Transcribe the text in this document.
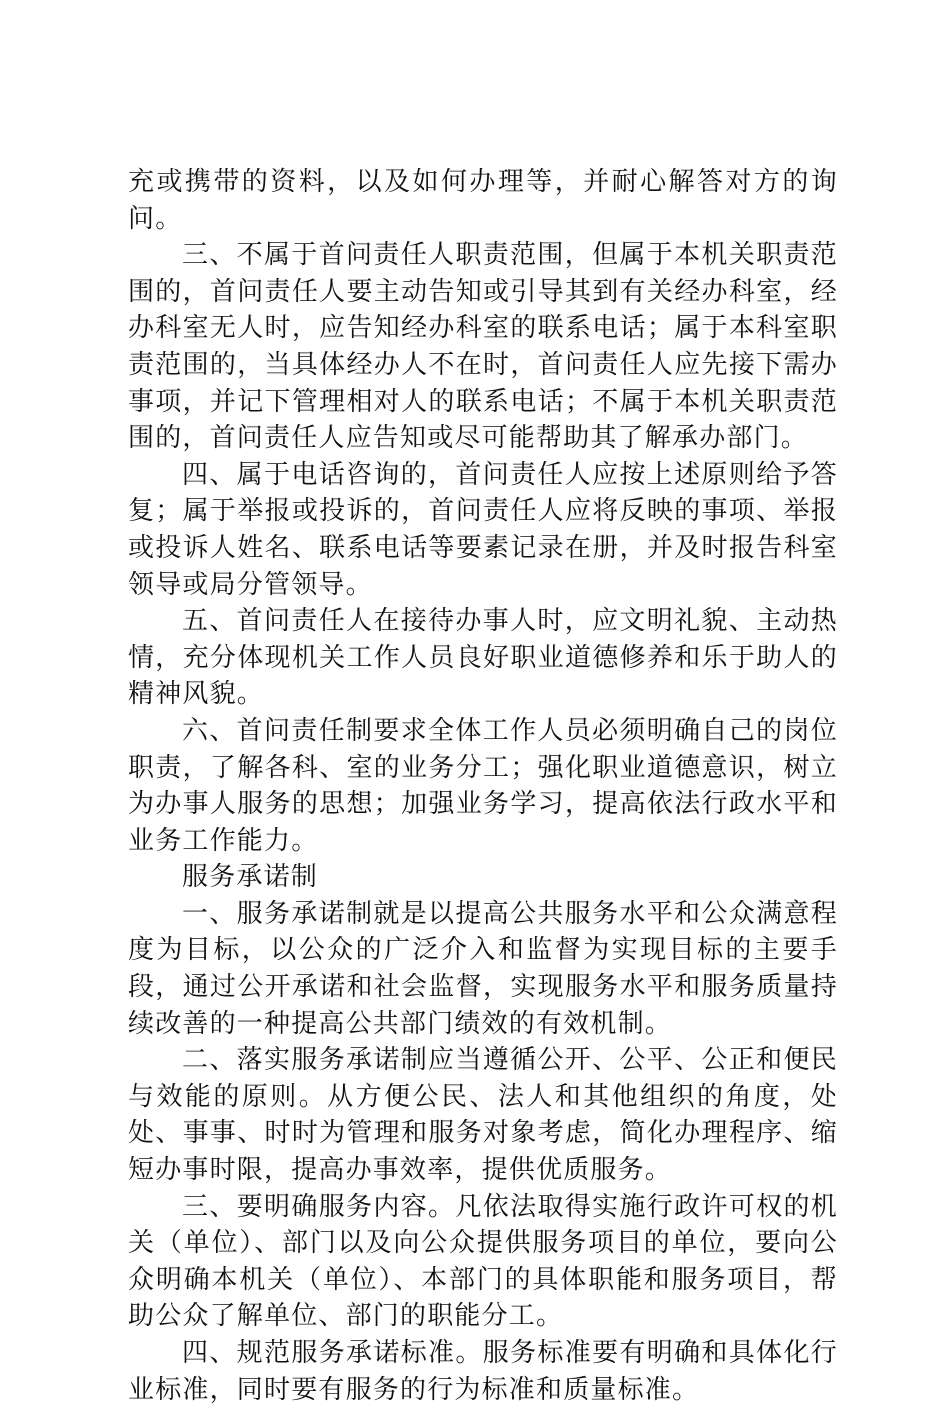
充或携带的资料，以及如何办理等，并耐心解答对方的询问。

三、不属于首问责任人职责范围，但属于本机关职责范围的，首问责任人要主动告知或引导其到有关经办科室，经办科室无人时，应告知经办科室的联系电话；属于本科室职责范围的，当具体经办人不在时，首问责任人应先接下需办事项，并记下管理相对人的联系电话；不属于本机关职责范围的，首问责任人应告知或尽可能帮助其了解承办部门。

四、属于电话咨询的，首问责任人应按上述原则给予答复；属于举报或投诉的，首问责任人应将反映的事项、举报或投诉人姓名、联系电话等要素记录在册，并及时报告科室领导或局分管领导。

五、首问责任人在接待办事人时，应文明礼貌、主动热情，充分体现机关工作人员良好职业道德修养和乐于助人的精神风貌。

六、首问责任制要求全体工作人员必须明确自己的岗位职责，了解各科、室的业务分工；强化职业道德意识，树立为办事人服务的思想；加强业务学习，提高依法行政水平和业务工作能力。

服务承诺制

一、服务承诺制就是以提高公共服务水平和公众满意程度为目标，以公众的广泛介入和监督为实现目标的主要手段，通过公开承诺和社会监督，实现服务水平和服务质量持续改善的一种提高公共部门绩效的有效机制。

二、落实服务承诺制应当遵循公开、公平、公正和便民与效能的原则。从方便公民、法人和其他组织的角度，处处、事事、时时为管理和服务对象考虑，简化办理程序、缩短办事时限，提高办事效率，提供优质服务。

三、要明确服务内容。凡依法取得实施行政许可权的机关（单位）、部门以及向公众提供服务项目的单位，要向公众明确本机关（单位）、本部门的具体职能和服务项目，帮助公众了解单位、部门的职能分工。

四、规范服务承诺标准。服务标准要有明确和具体化行业标准，同时要有服务的行为标准和质量标准。
